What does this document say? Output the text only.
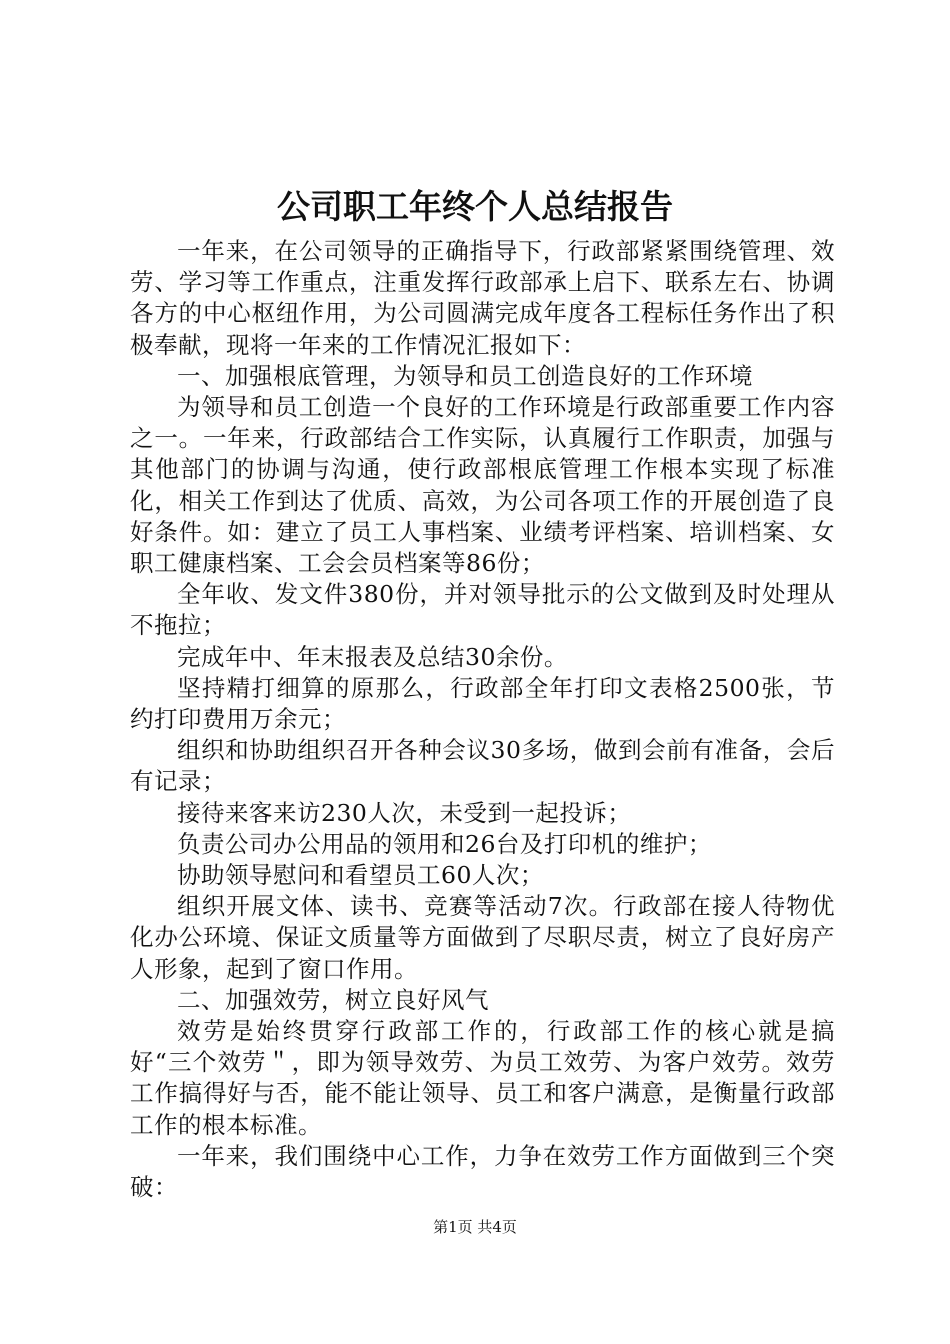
公司职工年终个人总结报告

一年来，在公司领导的正确指导下，行政部紧紧围绕管理、效劳、学习等工作重点，注重发挥行政部承上启下、联系左右、协调各方的中心枢纽作用，为公司圆满完成年度各工程标任务作出了积极奉献，现将一年来的工作情况汇报如下：

一、加强根底管理，为领导和员工创造良好的工作环境

为领导和员工创造一个良好的工作环境是行政部重要工作内容之一。一年来，行政部结合工作实际，认真履行工作职责，加强与其他部门的协调与沟通，使行政部根底管理工作根本实现了标准化，相关工作到达了优质、高效，为公司各项工作的开展创造了良好条件。如：建立了员工人事档案、业绩考评档案、培训档案、女职工健康档案、工会会员档案等86份；

全年收、发文件380份，并对领导批示的公文做到及时处理从不拖拉；

完成年中、年末报表及总结30余份。

坚持精打细算的原那么，行政部全年打印文表格2500张，节约打印费用万余元；

组织和协助组织召开各种会议30多场，做到会前有准备，会后有记录；

接待来客来访230人次，未受到一起投诉；

负责公司办公用品的领用和26台及打印机的维护；

协助领导慰问和看望员工60人次；

组织开展文体、读书、竞赛等活动7次。行政部在接人待物优化办公环境、保证文质量等方面做到了尽职尽责，树立了良好房产人形象，起到了窗口作用。

二、加强效劳，树立良好风气

效劳是始终贯穿行政部工作的，行政部工作的核心就是搞好“三个效劳＂，即为领导效劳、为员工效劳、为客户效劳。效劳工作搞得好与否，能不能让领导、员工和客户满意，是衡量行政部工作的根本标准。

一年来，我们围绕中心工作，力争在效劳工作方面做到三个突破：

第1页 共4页
